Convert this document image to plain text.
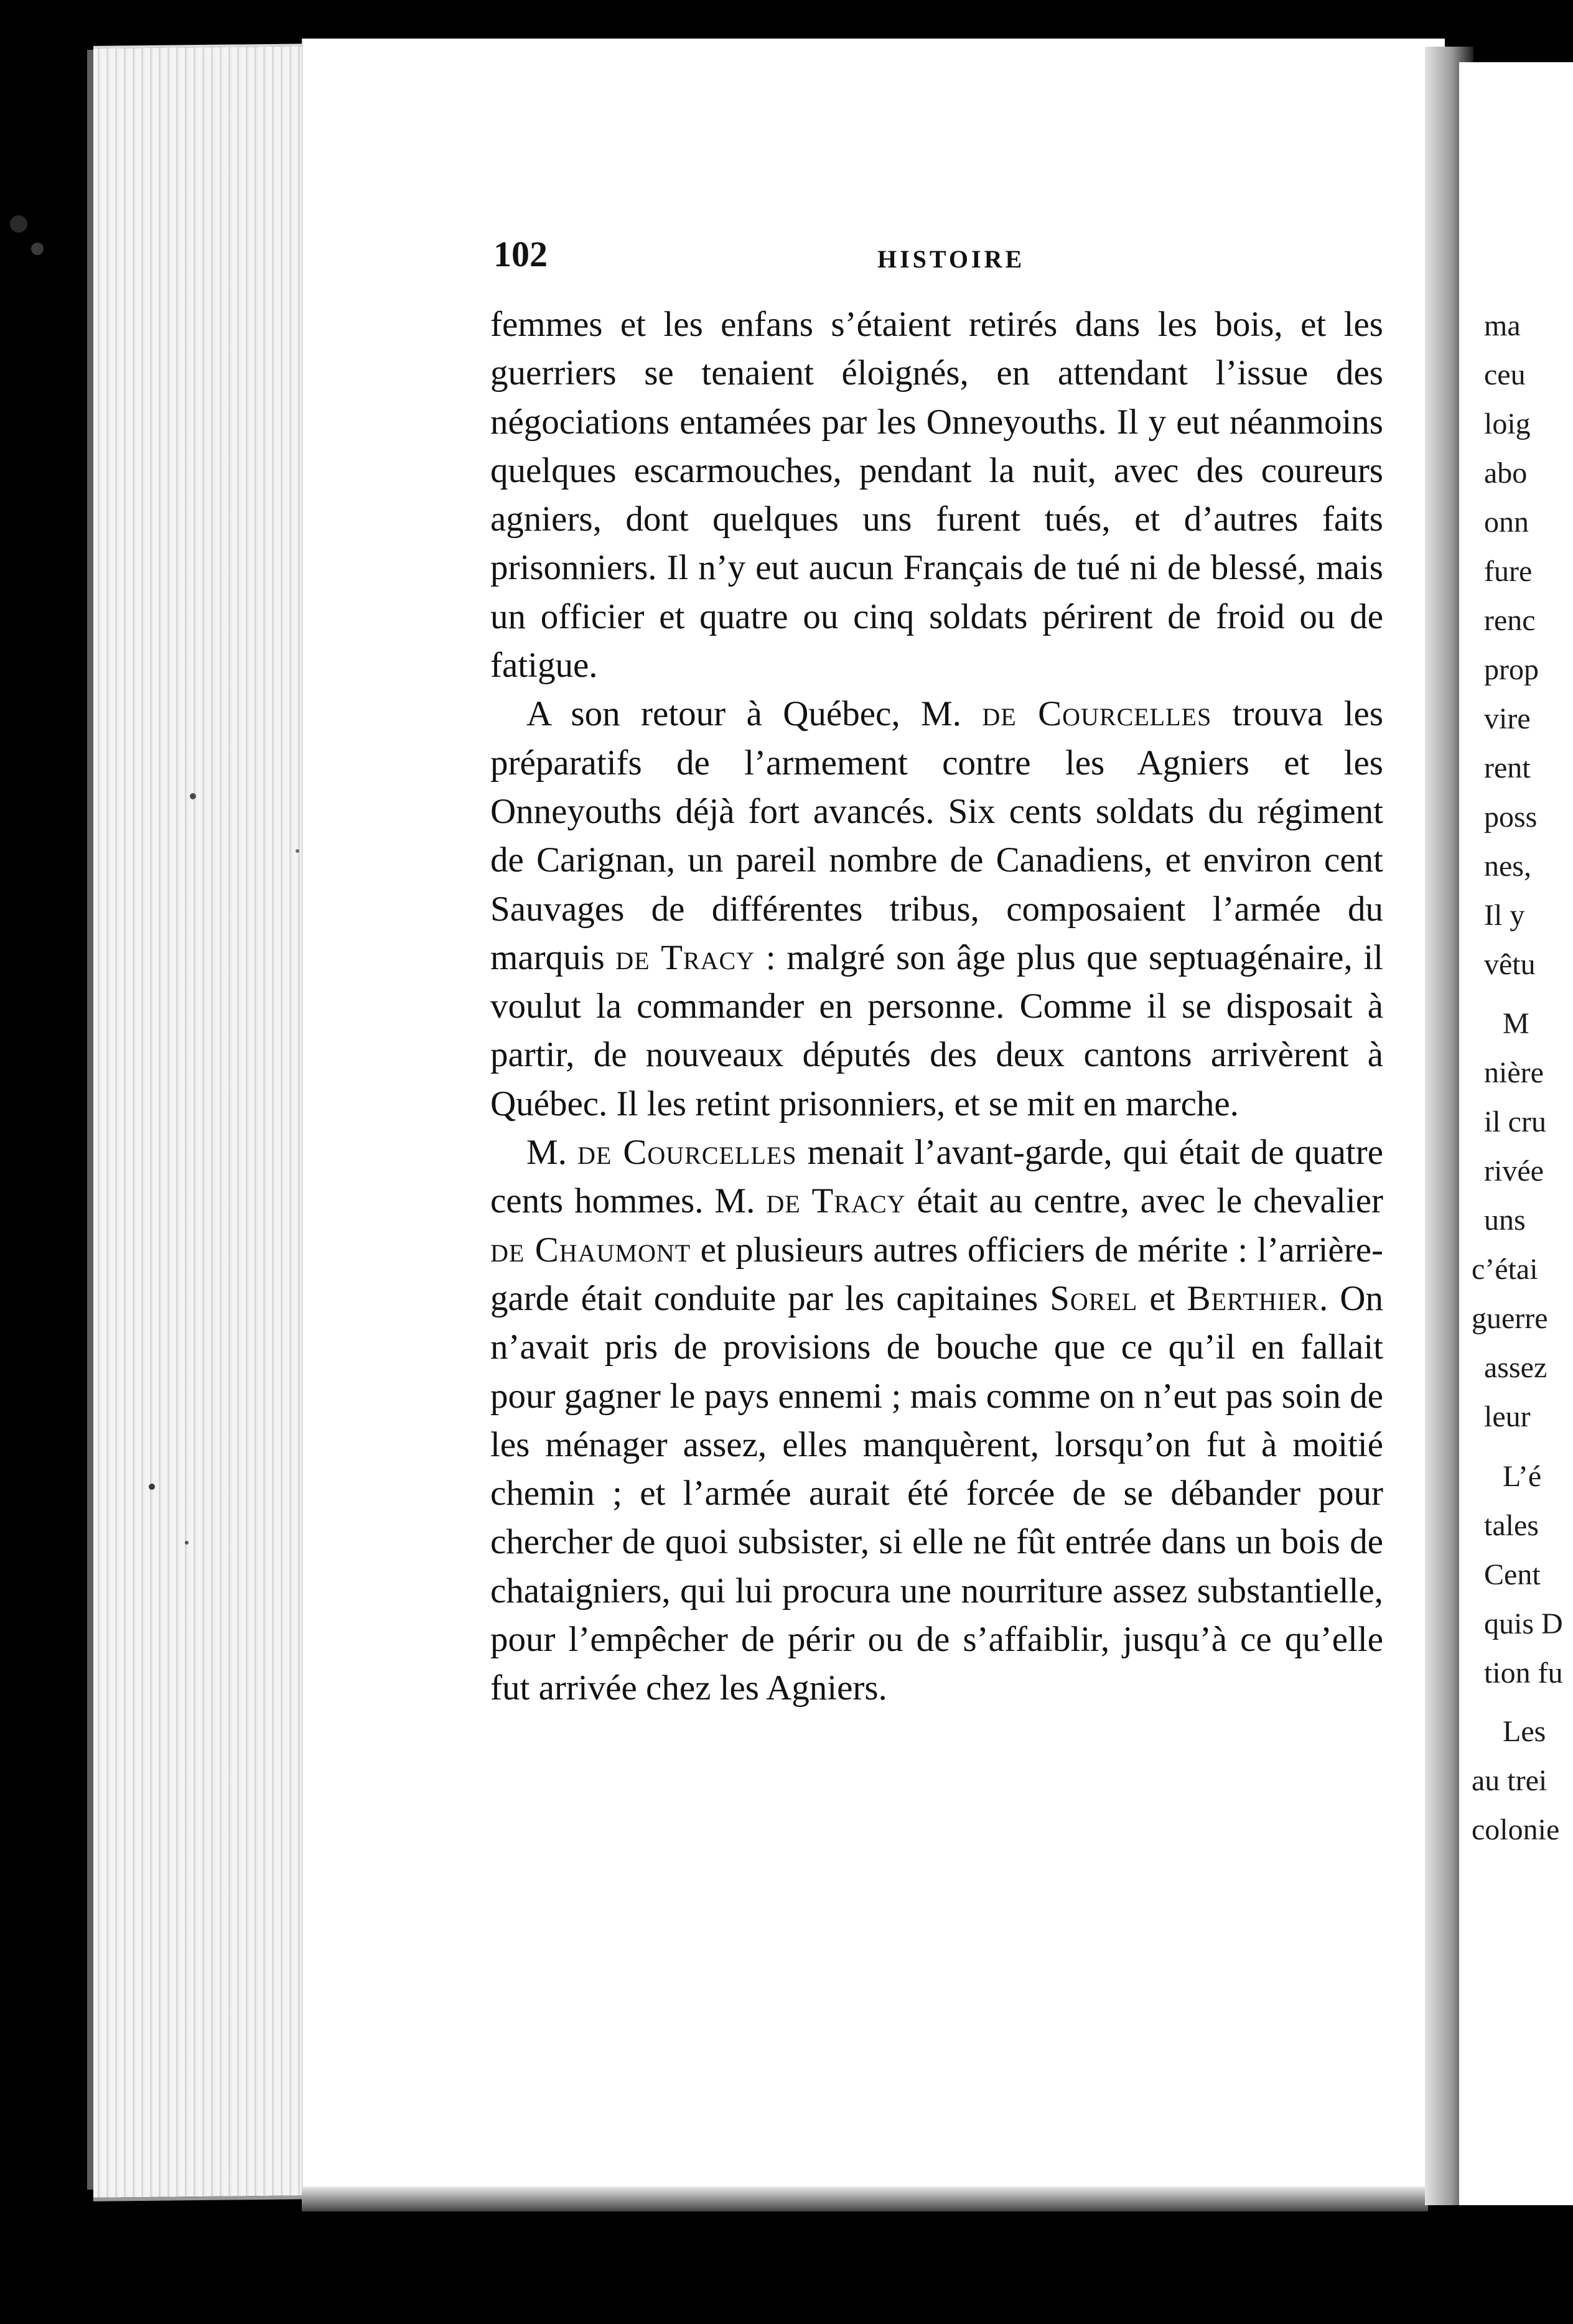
ma
ceu
loig
abo
onn
fure
renc
prop
vire
rent
poss
nes,
Il y
vêtu
M
nière
il cru
rivée
uns
c’étai
guerre
assez
leur
L’é
tales
Cent
quis D
tion fu
Les
au trei
colonie
102	HISTOIRE

femmes et les enfans s’étaient retirés dans les bois, et les guerriers se tenaient éloignés, en attendant l’issue des négociations entamées par les Onneyouths. Il y eut néanmoins quelques escarmouches, pendant la nuit, avec des coureurs agniers, dont quelques uns furent tués, et d’autres faits prisonniers. Il n’y eut aucun Français de tué ni de blessé, mais un officier et quatre ou cinq soldats périrent de froid ou de fatigue.

A son retour à Québec, M. de Courcelles trouva les préparatifs de l’armement contre les Agniers et les Onneyouths déjà fort avancés. Six cents soldats du régiment de Carignan, un pareil nombre de Canadiens, et environ cent Sauvages de différentes tribus, composaient l’armée du marquis de Tracy : malgré son âge plus que septuagénaire, il voulut la commander en personne. Comme il se disposait à partir, de nouveaux députés des deux cantons arrivèrent à Québec. Il les retint prisonniers, et se mit en marche.

M. de Courcelles menait l’avant-garde, qui était de quatre cents hommes. M. de Tracy était au centre, avec le chevalier de Chaumont et plusieurs autres officiers de mérite : l’arrière-garde était conduite par les capitaines Sorel et Berthier. On n’avait pris de provisions de bouche que ce qu’il en fallait pour gagner le pays ennemi ; mais comme on n’eut pas soin de les ménager assez, elles manquèrent, lorsqu’on fut à moitié chemin ; et l’armée aurait été forcée de se débander pour chercher de quoi subsister, si elle ne fût entrée dans un bois de chataigniers, qui lui procura une nourriture assez substantielle, pour l’empêcher de périr ou de s’affaiblir, jusqu’à ce qu’elle fut arrivée chez les Agniers.
